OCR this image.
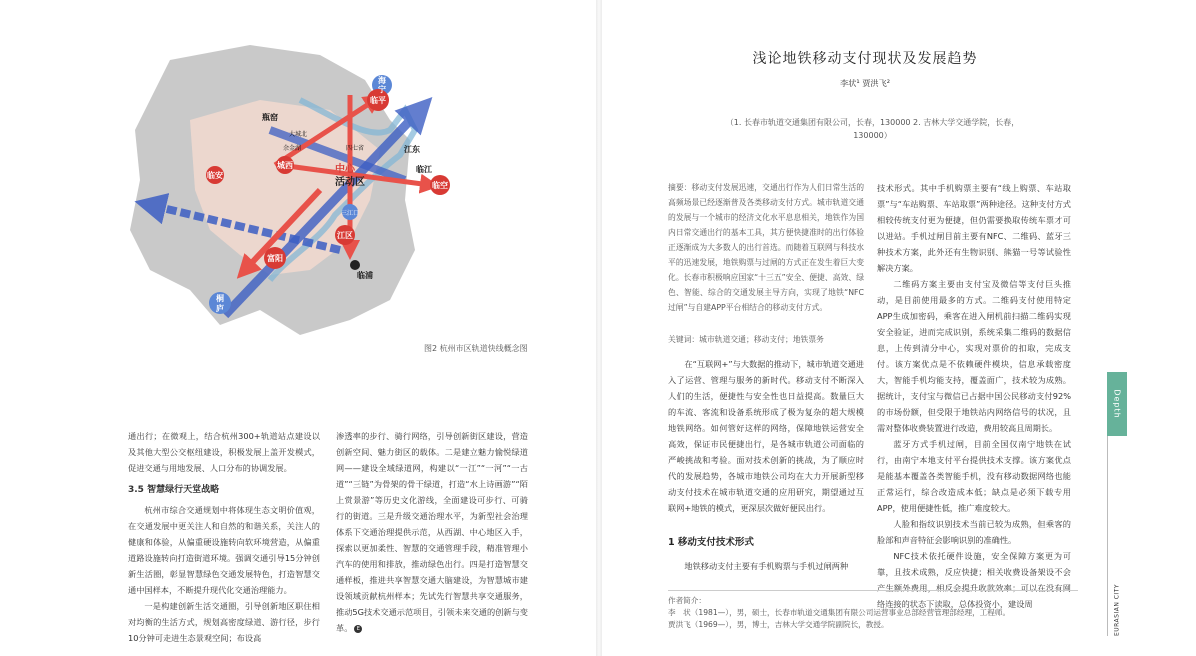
海
宁
临平
瓶窑
大城北
余金湖	四七省
中心
活动区
江东
临江
临安
城西
临空
江区
三江口
富阳
临浦
桐
庐
图2 杭州市区轨道快线概念图

通出行；在微观上，结合杭州300+轨道站点建设以及其他大型公交枢纽建设，积极发展上盖开发模式，促进交通与用地发展、人口分布的协调发展。

3.5 智慧绿行天堂战略

杭州市综合交通规划中将体现生态文明价值观，在交通发展中更关注人和自然的和谐关系，关注人的健康和体验，从偏重硬设施转向软环境营造，从偏重道路设施转向打造街道环境。强调交通引导15分钟创新生活圈，彰显智慧绿色交通发展特色，打造智慧交通中国样本，不断提升现代化交通治理能力。

一是构建创新生活交通圈，引导创新地区职住相对均衡的生活方式，规划高密度绿道、游行径，步行10分钟可走进生态景观空间；布设高

渗透率的步行、骑行网络，引导创新街区建设，营造创新空间、魅力街区的载体。二是建立魅力愉悦绿道网——建设全域绿道网，构建以“一江”“一河”“一古道”“三链”为骨架的骨干绿道，打造“水上诗画游”“陌上赏景游”等历史文化游线，全面建设可步行、可骑行的街道。三是升级交通治理水平，为新型社会治理体系下交通治理提供示范，从西湖、中心地区入手，探索以更加柔性、智慧的交通管理手段，精准管理小汽车的使用和排放，推动绿色出行。四是打造智慧交通样板，推进共享智慧交通大脑建设，为智慧城市建设领域贡献杭州样本；先试先行智慧共享交通服务，推动5G技术交通示范项目，引领未来交通的创新与变革。 E

浅论地铁移动支付现状及发展趋势
李状¹ 贾洪飞²
（1. 长春市轨道交通集团有限公司，长春，130000 2. 吉林大学交通学院，长春，130000）
摘要：移动支付发展迅速，交通出行作为人们日常生活的高频场景已经逐渐普及各类移动支付方式。城市轨道交通的发展与一个城市的经济文化水平息息相关，地铁作为国内日常交通出行的基本工具，其方便快捷准时的出行体验正逐渐成为大多数人的出行首选。而随着互联网与科技水平的迅速发展，地铁购票与过闸的方式正在发生着巨大变化。长春市积极响应国家“十三五”安全、便捷、高效、绿色、智能、综合的交通发展主导方向，实现了地铁“NFC过闸”与自建APP平台相结合的移动支付方式。
关键词：城市轨道交通；移动支付；地铁票务

在“互联网+”与大数据的推动下，城市轨道交通进入了运营、管理与服务的新时代。移动支付不断深入人们的生活，便捷性与安全性也日益提高。数量巨大的车流、客流和设备系统形成了极为复杂的超大规模地铁网络。如何管好这样的网络，保障地铁运营安全高效，保证市民便捷出行，是各城市轨道公司面临的严峻挑战和考验。面对技术创新的挑战，为了顺应时代的发展趋势，各城市地铁公司均在大力开展新型移动支付技术在城市轨道交通的应用研究，期望通过互联网+地铁的模式，更深层次做好便民出行。

1 移动支付技术形式

地铁移动支付主要有手机购票与手机过闸两种

技术形式。其中手机购票主要有“线上购票、车站取票”与“车站购票、车站取票”两种途径。这种支付方式相较传统支付更为便捷，但仍需要换取传统车票才可以进站。手机过闸目前主要有NFC、二维码、蓝牙三种技术方案，此外还有生物识别、熊猫一号等试验性解决方案。

二维码方案主要由支付宝及微信等支付巨头推动，是目前使用最多的方式。二维码支付使用特定APP生成加密码，乘客在进入闸机前扫描二维码实现安全验证，进而完成识别，系统采集二维码的数据信息，上传到清分中心，实现对票价的扣取，完成支付。该方案优点是不依赖硬件模块，信息承载密度大，智能手机均能支持，覆盖面广，技术较为成熟。据统计，支付宝与微信已占据中国公民移动支付92%的市场份额，但受限于地铁站内网络信号的状况，且需对整体收费装置进行改造，费用较高且周期长。

蓝牙方式手机过闸，目前全国仅南宁地铁在试行，由南宁本地支付平台提供技术支撑。该方案优点是能基本覆盖各类智能手机，没有移动数据网络也能正常运行，综合改造成本低；缺点是必须下载专用APP，使用便捷性低，推广难度较大。

人脸和指纹识别技术当前已较为成熟，但乘客的脸部和声音特征会影响识别的准确性。

NFC技术依托硬件设施，安全保障方案更为可靠，且技术成熟，反应快捷；相关收费设备架设不会产生额外费用，相反会提升收款效率；可以在没有网络连接的状态下读取，总体投资小，建设周

作者简介：
李　状（1981—），男，硕士，长春市轨道交通集团有限公司运营事业总部经营管理部经理，工程师。
贾洪飞（1969—），男，博士，吉林大学交通学院副院长，教授。
Depth
EURASIAN CITY
